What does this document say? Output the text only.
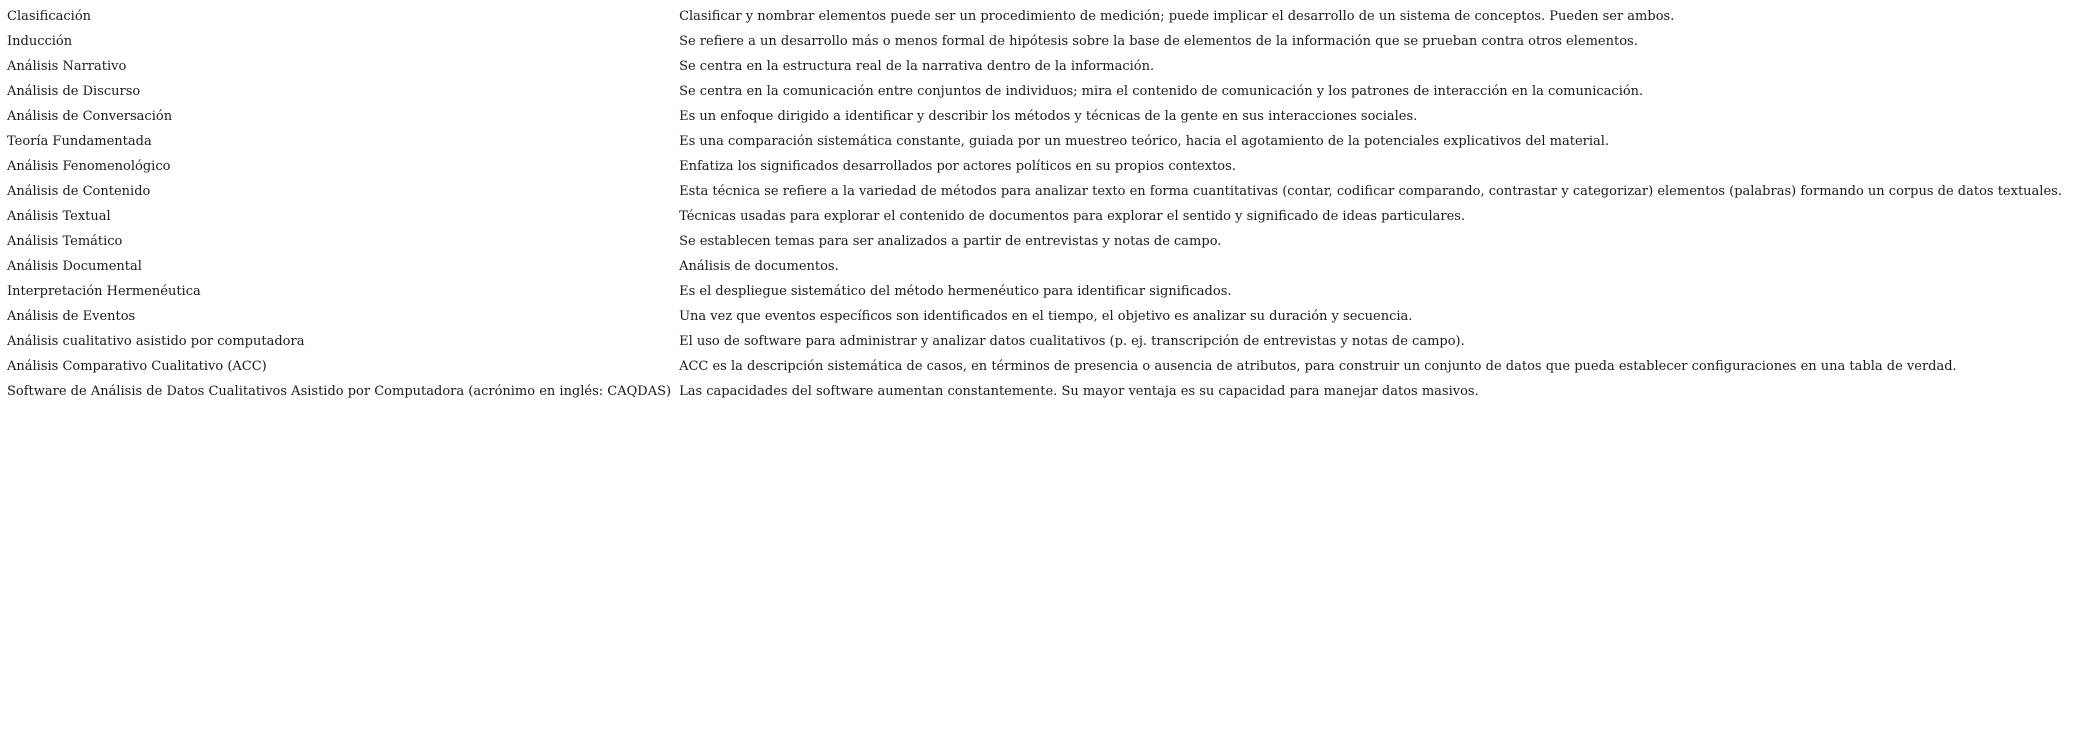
Clasificación	Clasificar y nombrar elementos puede ser un procedimiento de medición; puede implicar el desarrollo de un sistema de conceptos. Pueden ser ambos.
Inducción	Se refiere a un desarrollo más o menos formal de hipótesis sobre la base de elementos de la información que se prueban contra otros elementos.
Análisis Narrativo	Se centra en la estructura real de la narrativa dentro de la información.
Análisis de Discurso	Se centra en la comunicación entre conjuntos de individuos; mira el contenido de comunicación y los patrones de interacción en la comunicación.
Análisis de Conversación	Es un enfoque dirigido a identificar y describir los métodos y técnicas de la gente en sus interacciones sociales.
Teoría Fundamentada	Es una comparación sistemática constante, guiada por un muestreo teórico, hacia el agotamiento de la potenciales explicativos del material.
Análisis Fenomenológico	Enfatiza los significados desarrollados por actores políticos en su propios contextos.
Análisis de Contenido	Esta técnica se refiere a la variedad de métodos para analizar texto en forma cuantitativas (contar, codificar comparando, contrastar y categorizar) elementos (palabras) formando un corpus de datos textuales.
Análisis Textual	Técnicas usadas para explorar el contenido de documentos para explorar el sentido y significado de ideas particulares.
Análisis Temático	Se establecen temas para ser analizados a partir de entrevistas y notas de campo.
Análisis Documental	Análisis de documentos.
Interpretación Hermenéutica	Es el despliegue sistemático del método hermenéutico para identificar significados.
Análisis de Eventos	Una vez que eventos específicos son identificados en el tiempo, el objetivo es analizar su duración y secuencia.
Análisis cualitativo asistido por computadora	El uso de software para administrar y analizar datos cualitativos (p. ej. transcripción de entrevistas y notas de campo).
Análisis Comparativo Cualitativo (ACC)	ACC es la descripción sistemática de casos, en términos de presencia o ausencia de atributos, para construir un conjunto de datos que pueda establecer configuraciones en una tabla de verdad.
Software de Análisis de Datos Cualitativos Asistido por Computadora (acrónimo en inglés: CAQDAS)	Las capacidades del software aumentan constantemente. Su mayor ventaja es su capacidad para manejar datos masivos.
